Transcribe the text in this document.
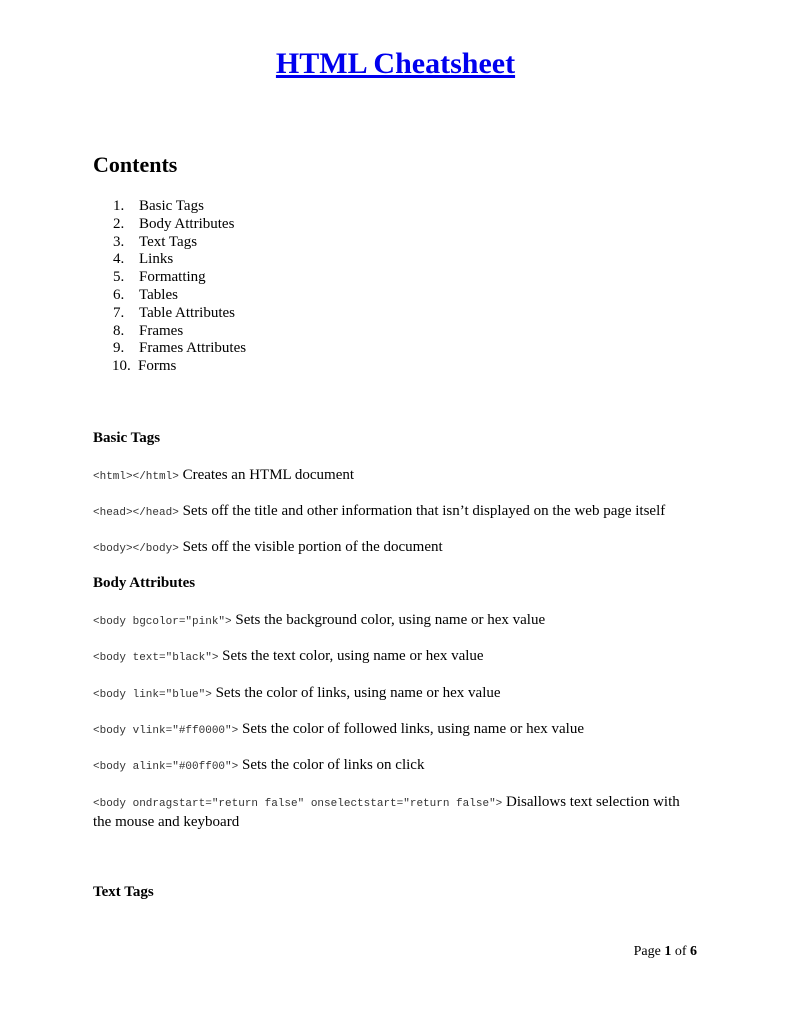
HTML Cheatsheet
Contents
1. Basic Tags
2. Body Attributes
3. Text Tags
4. Links
5. Formatting
6. Tables
7. Table Attributes
8. Frames
9. Frames Attributes
10. Forms
Basic Tags

<html></html> Creates an HTML document

<head></head> Sets off the title and other information that isn’t displayed on the web page itself

<body></body> Sets off the visible portion of the document

Body Attributes

<body bgcolor="pink"> Sets the background color, using name or hex value

<body text="black"> Sets the text color, using name or hex value

<body link="blue"> Sets the color of links, using name or hex value

<body vlink="#ff0000"> Sets the color of followed links, using name or hex value

<body alink="#00ff00"> Sets the color of links on click

<body ondragstart="return false" onselectstart="return false"> Disallows text selection with the mouse and keyboard

Text Tags
Page 1 of 6
